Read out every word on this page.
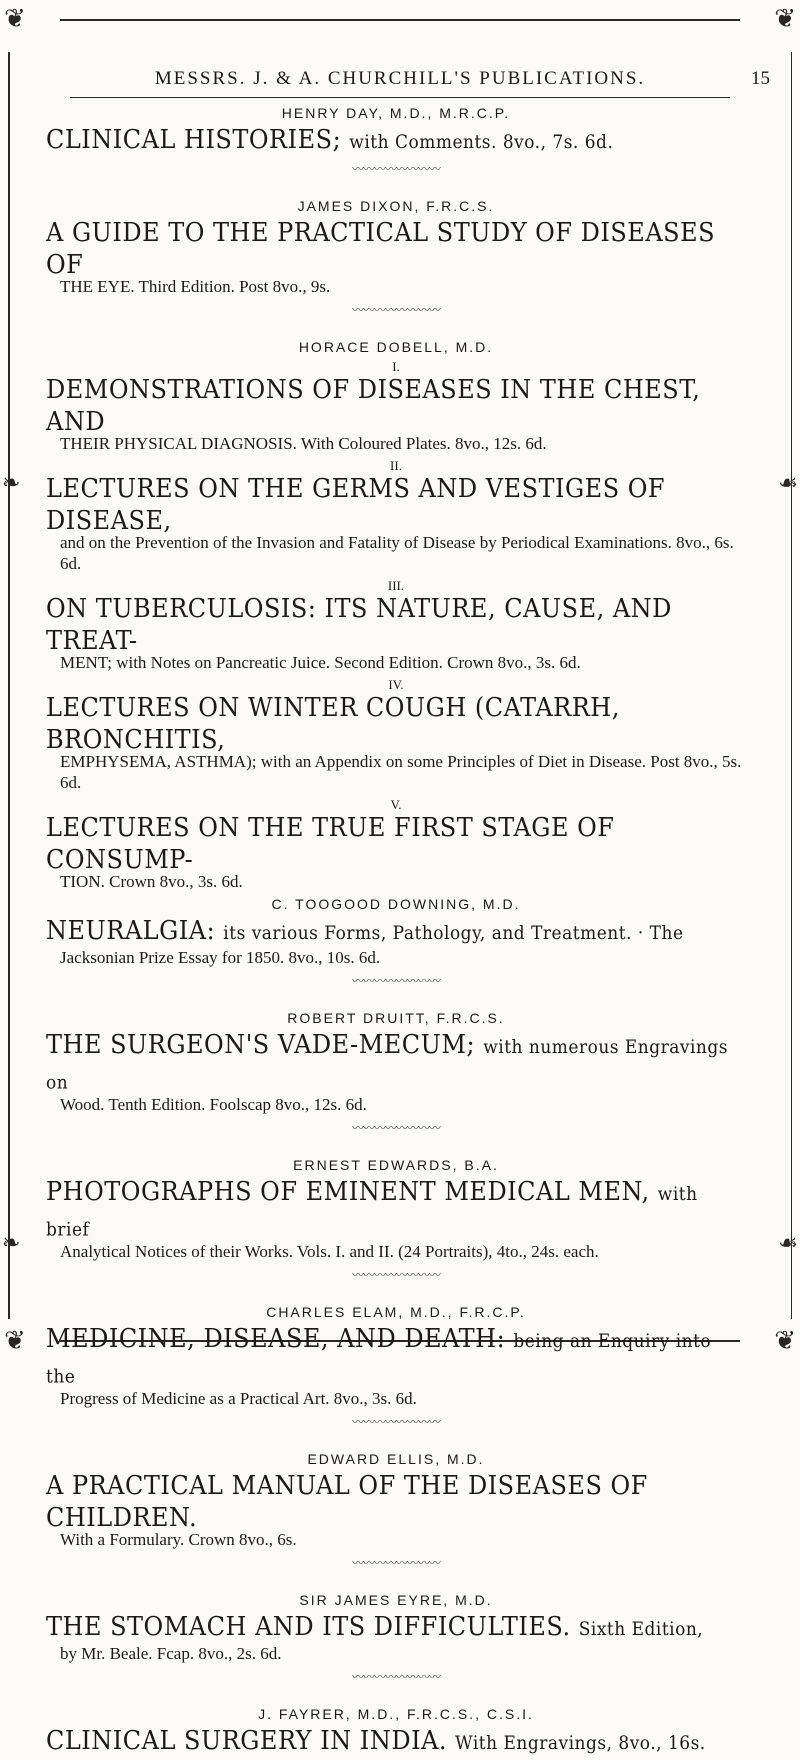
❦	❦
❦	❦
❧	☙
❧	☙
MESSRS. J. & A. CHURCHILL'S PUBLICATIONS.	15
HENRY DAY, M.D., M.R.C.P.
CLINICAL HISTORIES; with Comments. 8vo., 7s. 6d.
〰〰〰〰〰〰〰〰
JAMES DIXON, F.R.C.S.
A GUIDE TO THE PRACTICAL STUDY OF DISEASES OF
THE EYE. Third Edition. Post 8vo., 9s.
〰〰〰〰〰〰〰〰
HORACE DOBELL, M.D.
I.
DEMONSTRATIONS OF DISEASES IN THE CHEST, AND
THEIR PHYSICAL DIAGNOSIS. With Coloured Plates. 8vo., 12s. 6d.
II.
LECTURES ON THE GERMS AND VESTIGES OF DISEASE,
and on the Prevention of the Invasion and Fatality of Disease by Periodical Examinations. 8vo., 6s. 6d.
III.
ON TUBERCULOSIS: ITS NATURE, CAUSE, AND TREAT-
MENT; with Notes on Pancreatic Juice. Second Edition. Crown 8vo., 3s. 6d.
IV.
LECTURES ON WINTER COUGH (CATARRH, BRONCHITIS,
EMPHYSEMA, ASTHMA); with an Appendix on some Principles of Diet in Disease. Post 8vo., 5s. 6d.
V.
LECTURES ON THE TRUE FIRST STAGE OF CONSUMP-
TION. Crown 8vo., 3s. 6d.
C. TOOGOOD DOWNING, M.D.
NEURALGIA: its various Forms, Pathology, and Treatment. · The
Jacksonian Prize Essay for 1850. 8vo., 10s. 6d.
〰〰〰〰〰〰〰〰
ROBERT DRUITT, F.R.C.S.
THE SURGEON'S VADE-MECUM; with numerous Engravings on
Wood. Tenth Edition. Foolscap 8vo., 12s. 6d.
〰〰〰〰〰〰〰〰
ERNEST EDWARDS, B.A.
PHOTOGRAPHS OF EMINENT MEDICAL MEN, with brief
Analytical Notices of their Works. Vols. I. and II. (24 Portraits), 4to., 24s. each.
〰〰〰〰〰〰〰〰
CHARLES ELAM, M.D., F.R.C.P.
MEDICINE, DISEASE, AND DEATH: being an Enquiry into the
Progress of Medicine as a Practical Art. 8vo., 3s. 6d.
〰〰〰〰〰〰〰〰
EDWARD ELLIS, M.D.
A PRACTICAL MANUAL OF THE DISEASES OF CHILDREN.
With a Formulary. Crown 8vo., 6s.
〰〰〰〰〰〰〰〰
SIR JAMES EYRE, M.D.
THE STOMACH AND ITS DIFFICULTIES. Sixth Edition,
by Mr. Beale. Fcap. 8vo., 2s. 6d.
〰〰〰〰〰〰〰〰
J. FAYRER, M.D., F.R.C.S., C.S.I.
CLINICAL SURGERY IN INDIA. With Engravings, 8vo., 16s.
